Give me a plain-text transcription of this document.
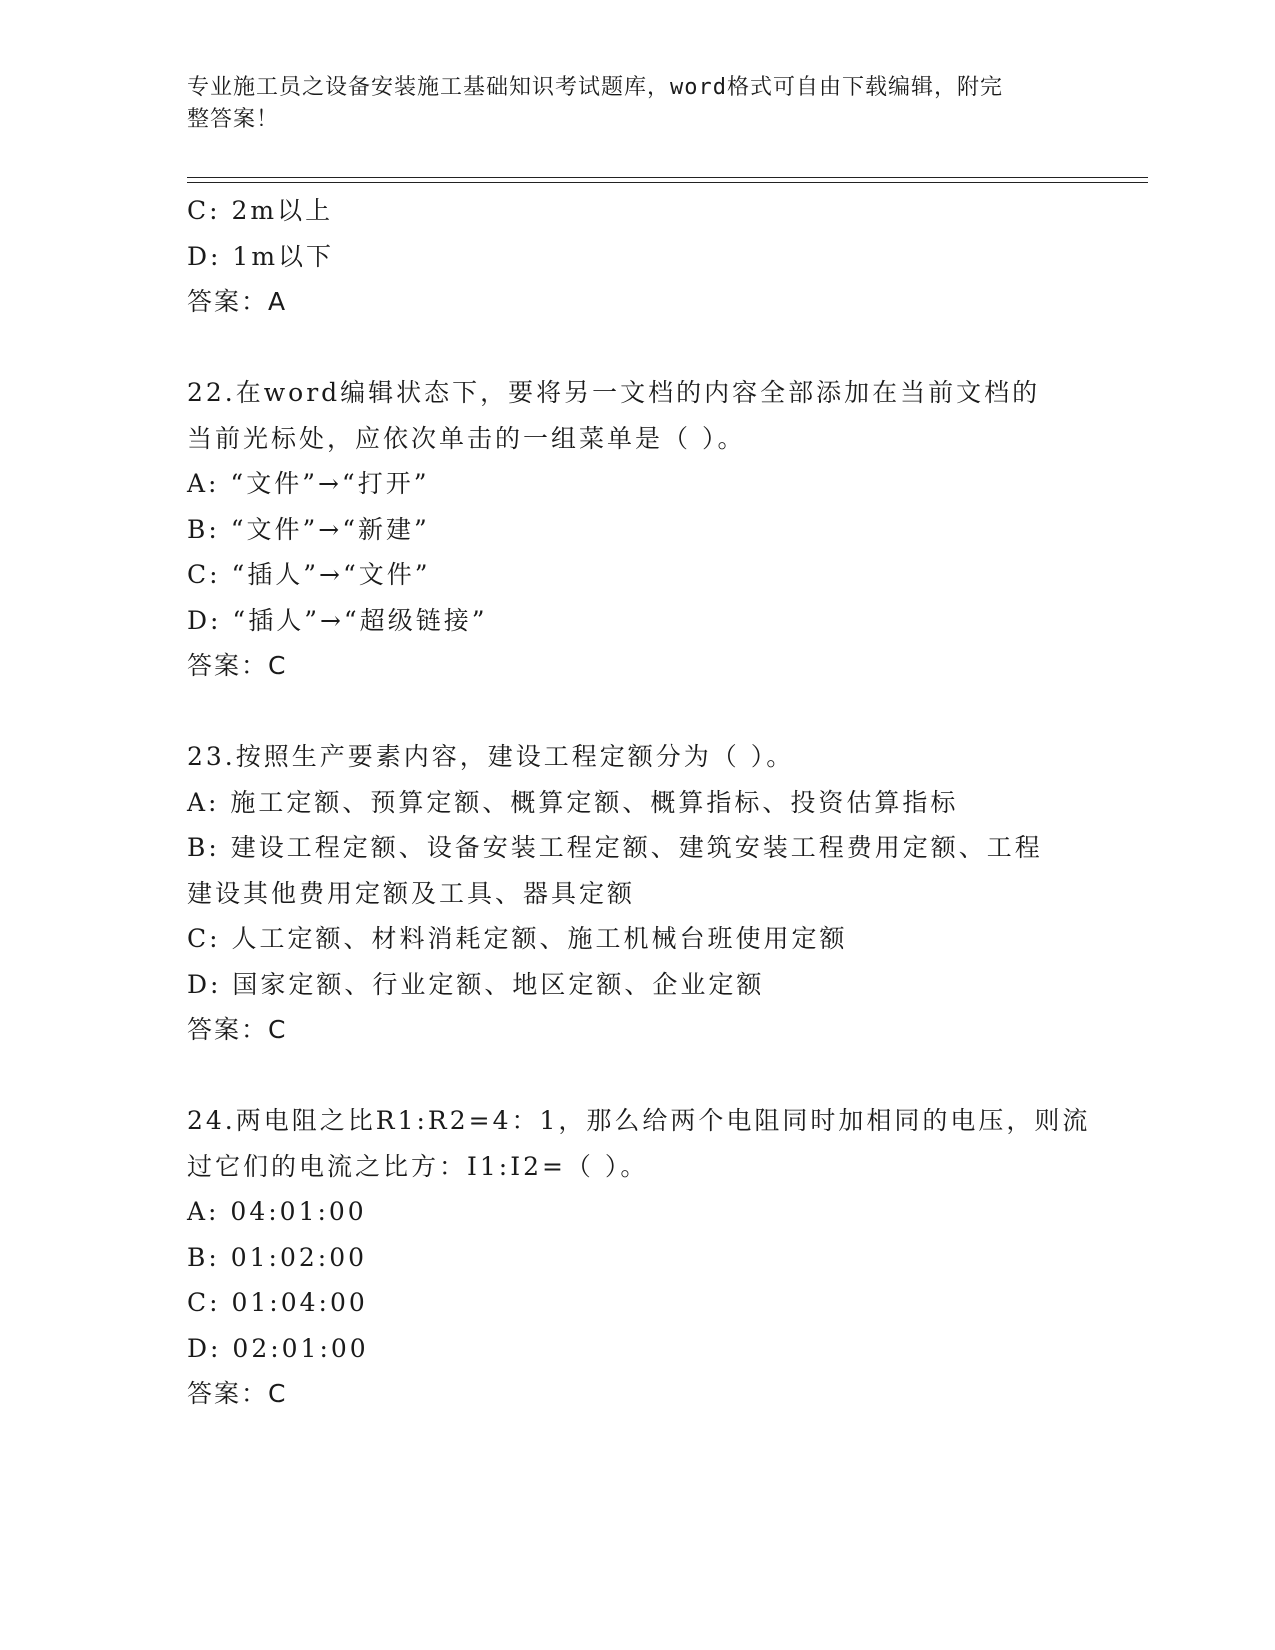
专业施工员之设备安装施工基础知识考试题库，word格式可自由下载编辑，附完
整答案！

C: 2m以上

D: 1m以下

答案：A

22.在word编辑状态下，要将另一文档的内容全部添加在当前文档的

当前光标处，应依次单击的一组菜单是（ ）。

A: “文件”→“打开”

B: “文件”→“新建”

C: “插人”→“文件”

D: “插人”→“超级链接”

答案：C

23.按照生产要素内容，建设工程定额分为（ ）。

A: 施工定额、预算定额、概算定额、概算指标、投资估算指标

B: 建设工程定额、设备安装工程定额、建筑安装工程费用定额、工程

建设其他费用定额及工具、器具定额

C: 人工定额、材料消耗定额、施工机械台班使用定额

D: 国家定额、行业定额、地区定额、企业定额

答案：C

24.两电阻之比R1:R2=4：1，那么给两个电阻同时加相同的电压，则流

过它们的电流之比方：I1:I2=（ ）。

A: 04:01:00

B: 01:02:00

C: 01:04:00

D: 02:01:00

答案：C
